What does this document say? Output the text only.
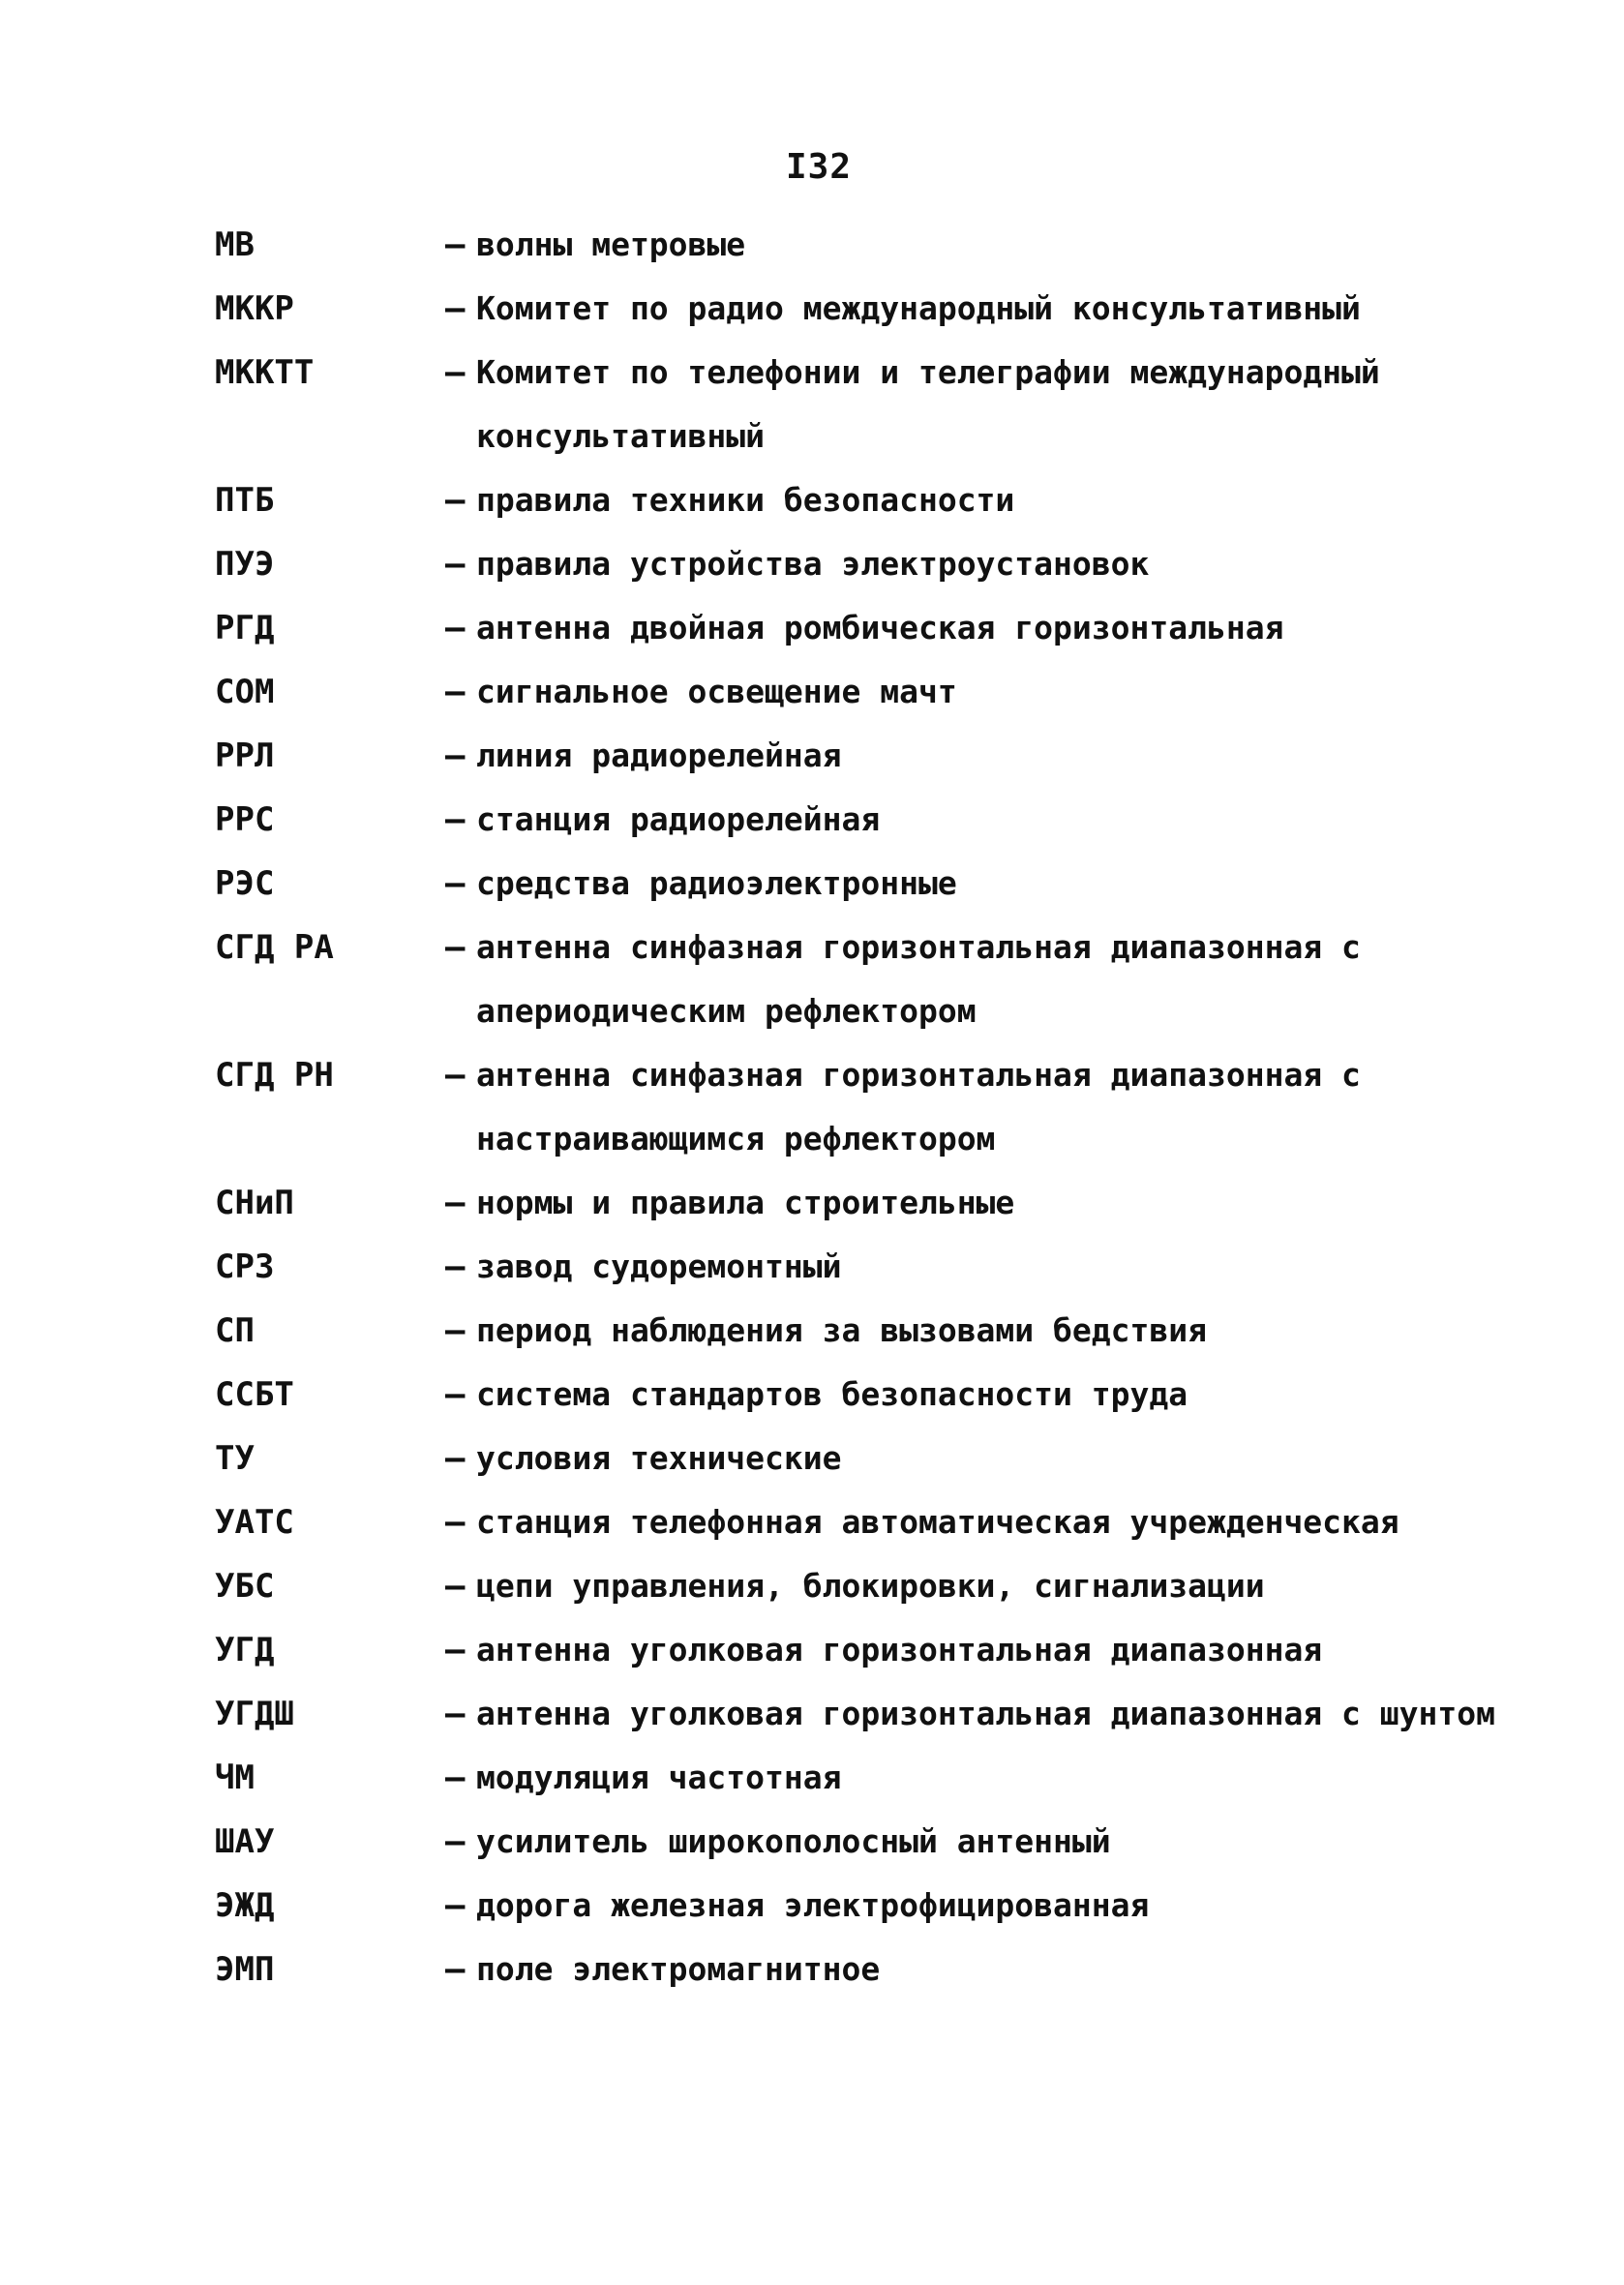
I32
МВ	– волны метровые
МККР	– Комитет по радио международный консультативный
МККТТ	– Комитет по телефонии и телеграфии международный консультативный
ПТБ	– правила техники безопасности
ПУЭ	– правила устройства электроустановок
РГД	– антенна двойная ромбическая горизонтальная
СОМ	– сигнальное освещение мачт
РРЛ	– линия радиорелейная
РРС	– станция радиорелейная
РЭС	– средства радиоэлектронные
СГД РА	– антенна синфазная горизонтальная диапазонная с апериодическим рефлектором
СГД РН	– антенна синфазная горизонтальная диапазонная с настраивающимся рефлектором
СНиП	– нормы и правила строительные
СРЗ	– завод судоремонтный
СП	– период наблюдения за вызовами бедствия
ССБТ	– система стандартов безопасности труда
ТУ	– условия технические
УАТС	– станция телефонная автоматическая учрежденческая
УБС	– цепи управления, блокировки, сигнализации
УГД	– антенна уголковая горизонтальная диапазонная
УГДШ	– антенна уголковая горизонтальная диапазонная с шунтом
ЧМ	– модуляция частотная
ШАУ	– усилитель широкополосный антенный
ЭЖД	– дорога железная электрофицированная
ЭМП	– поле электромагнитное
